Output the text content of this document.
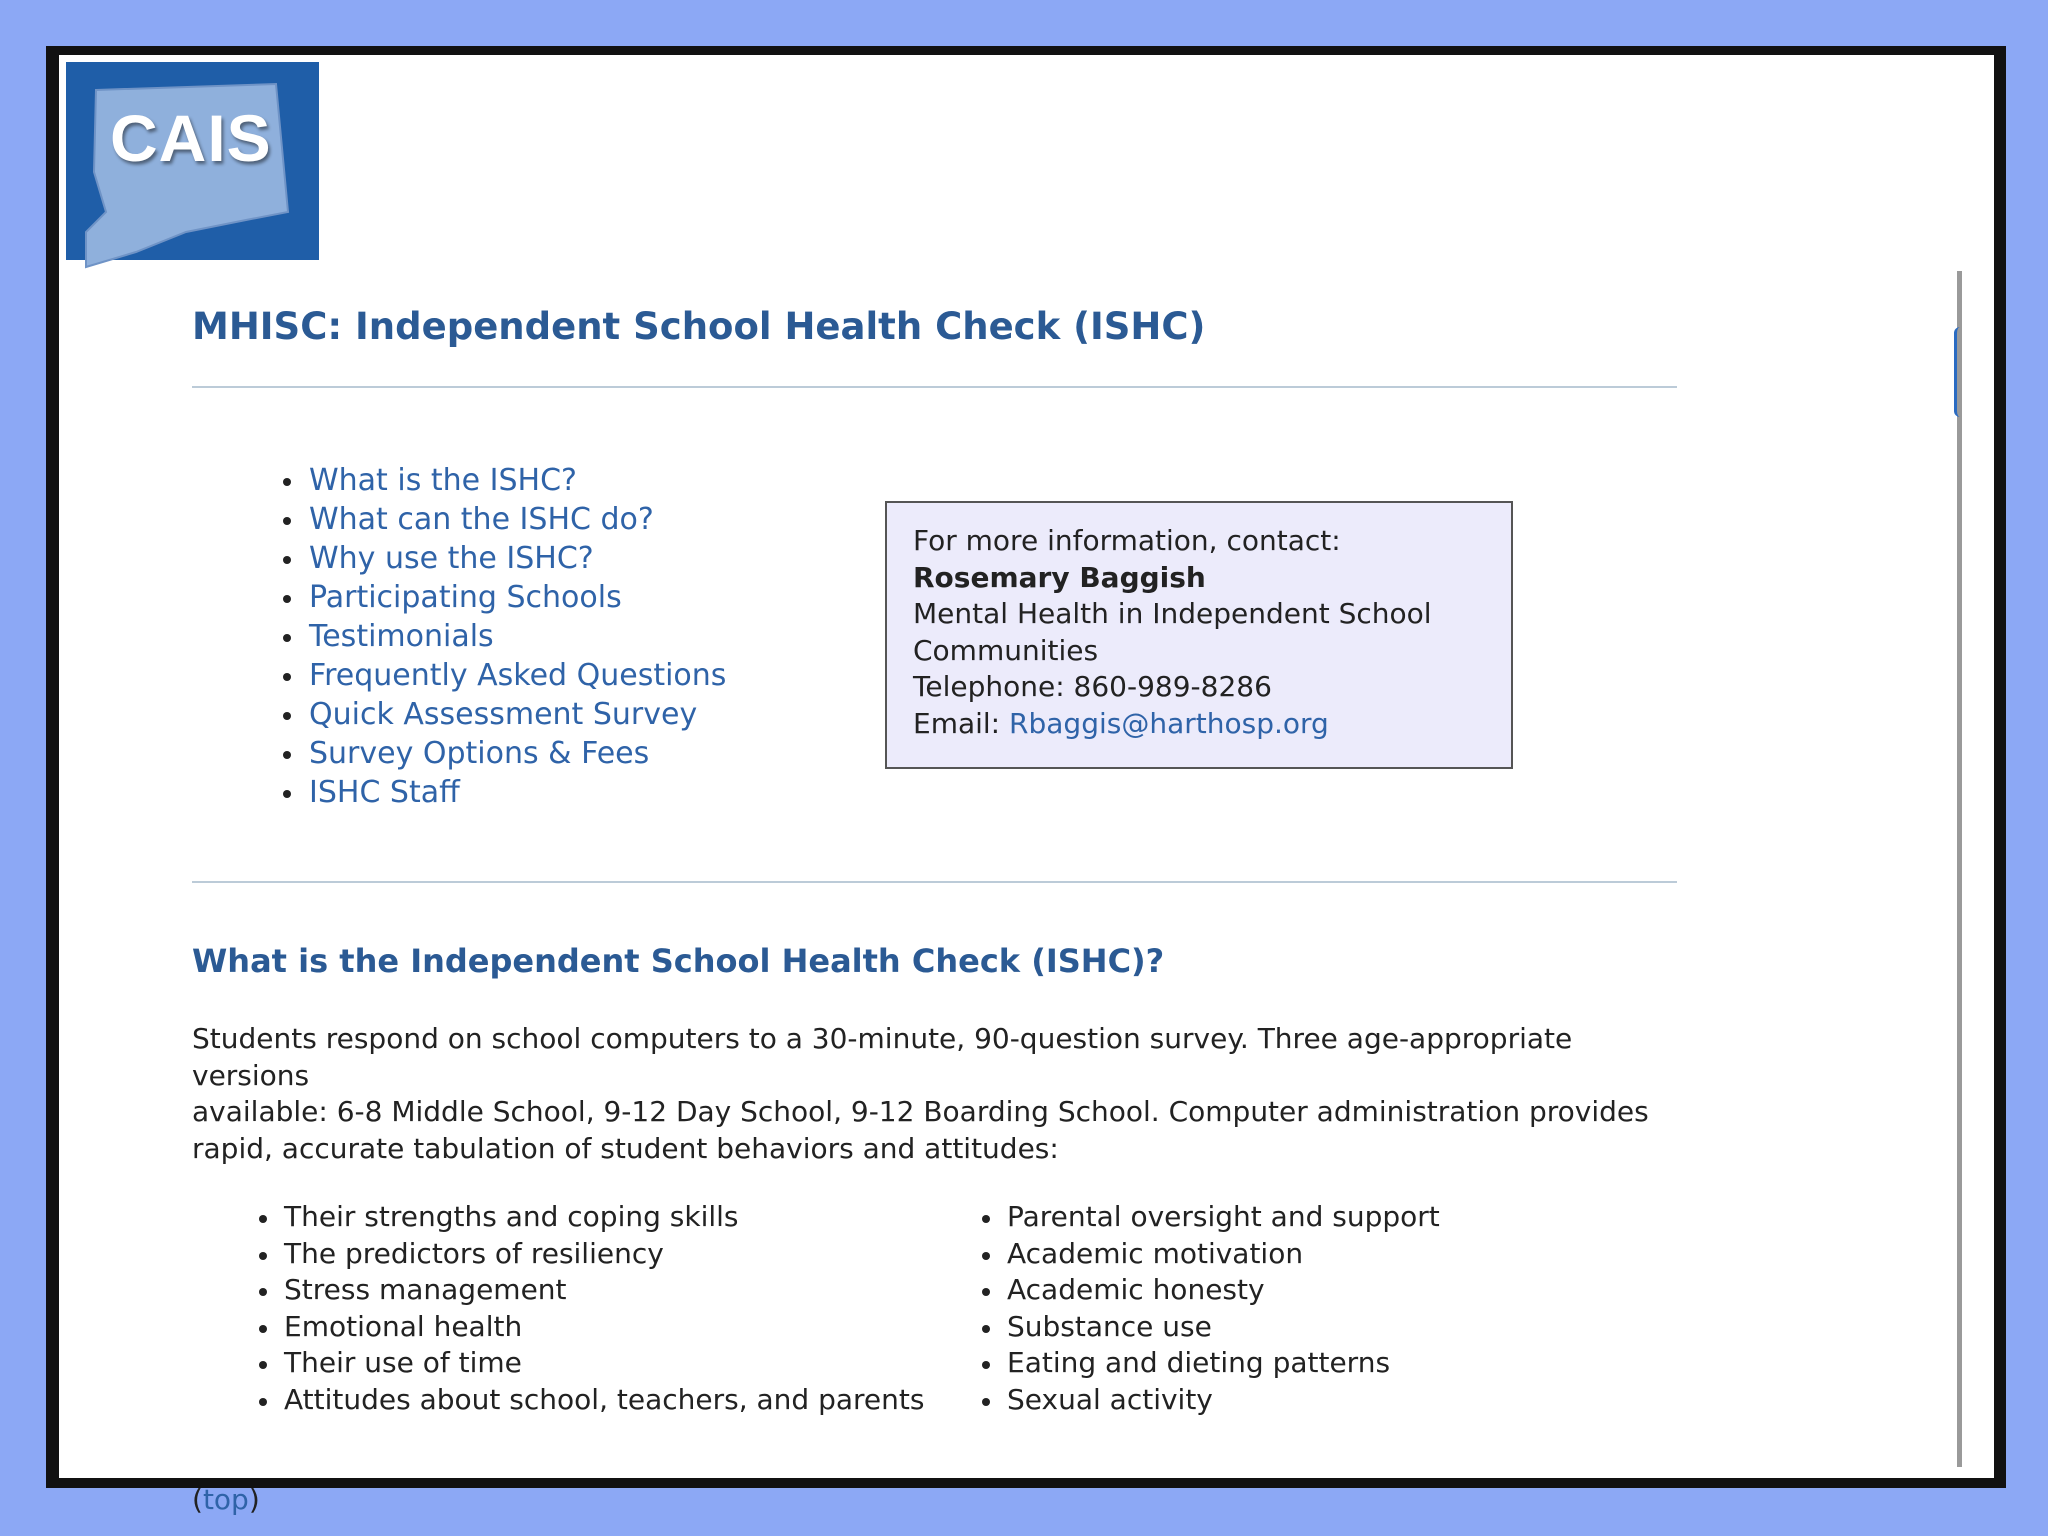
CAIS
MHISC: Independent School Health Check (ISHC)
What is the ISHC?
What can the ISHC do?
Why use the ISHC?
Participating Schools
Testimonials
Frequently Asked Questions
Quick Assessment Survey
Survey Options & Fees
ISHC Staff
For more information, contact:
Rosemary Baggish
Mental Health in Independent School
Communities
Telephone: 860-989-8286
Email: Rbaggis@harthosp.org
What is the Independent School Health Check (ISHC)?

Students respond on school computers to a 30-minute, 90-question survey. Three age-appropriate versions
available: 6-8 Middle School, 9-12 Day School, 9-12 Boarding School. Computer administration provides
rapid, accurate tabulation of student behaviors and attitudes:

Their strengths and coping skills
The predictors of resiliency
Stress management
Emotional health
Their use of time
Attitudes about school, teachers, and parents
Parental oversight and support
Academic motivation
Academic honesty
Substance use
Eating and dieting patterns
Sexual activity
(top)
